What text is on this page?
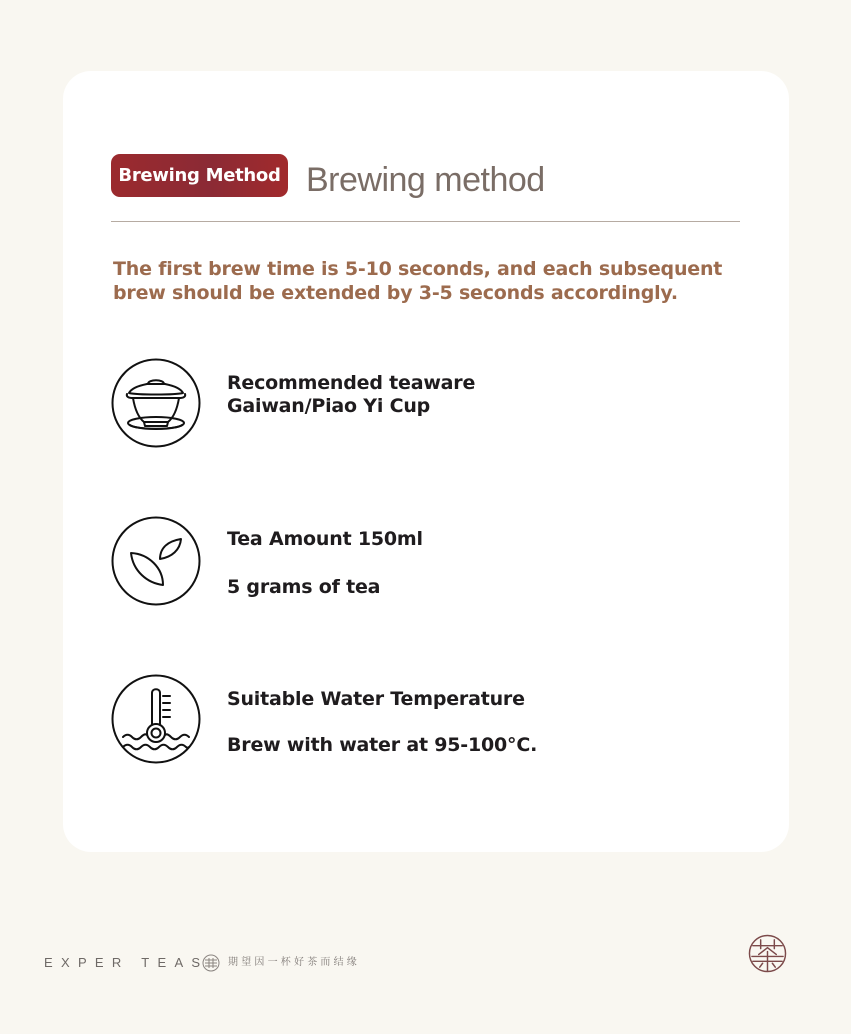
Brewing Method Brewing method
The first brew time is 5-10 seconds, and each subsequent brew should be extended by 3-5 seconds accordingly.
Recommended teaware
Gaiwan/Piao Yi Cup
Tea Amount 150ml
5 grams of tea
Suitable Water Temperature
Brew with water at 95-100°C.
EXPER TEAS 期望因一杯好茶而结缘
